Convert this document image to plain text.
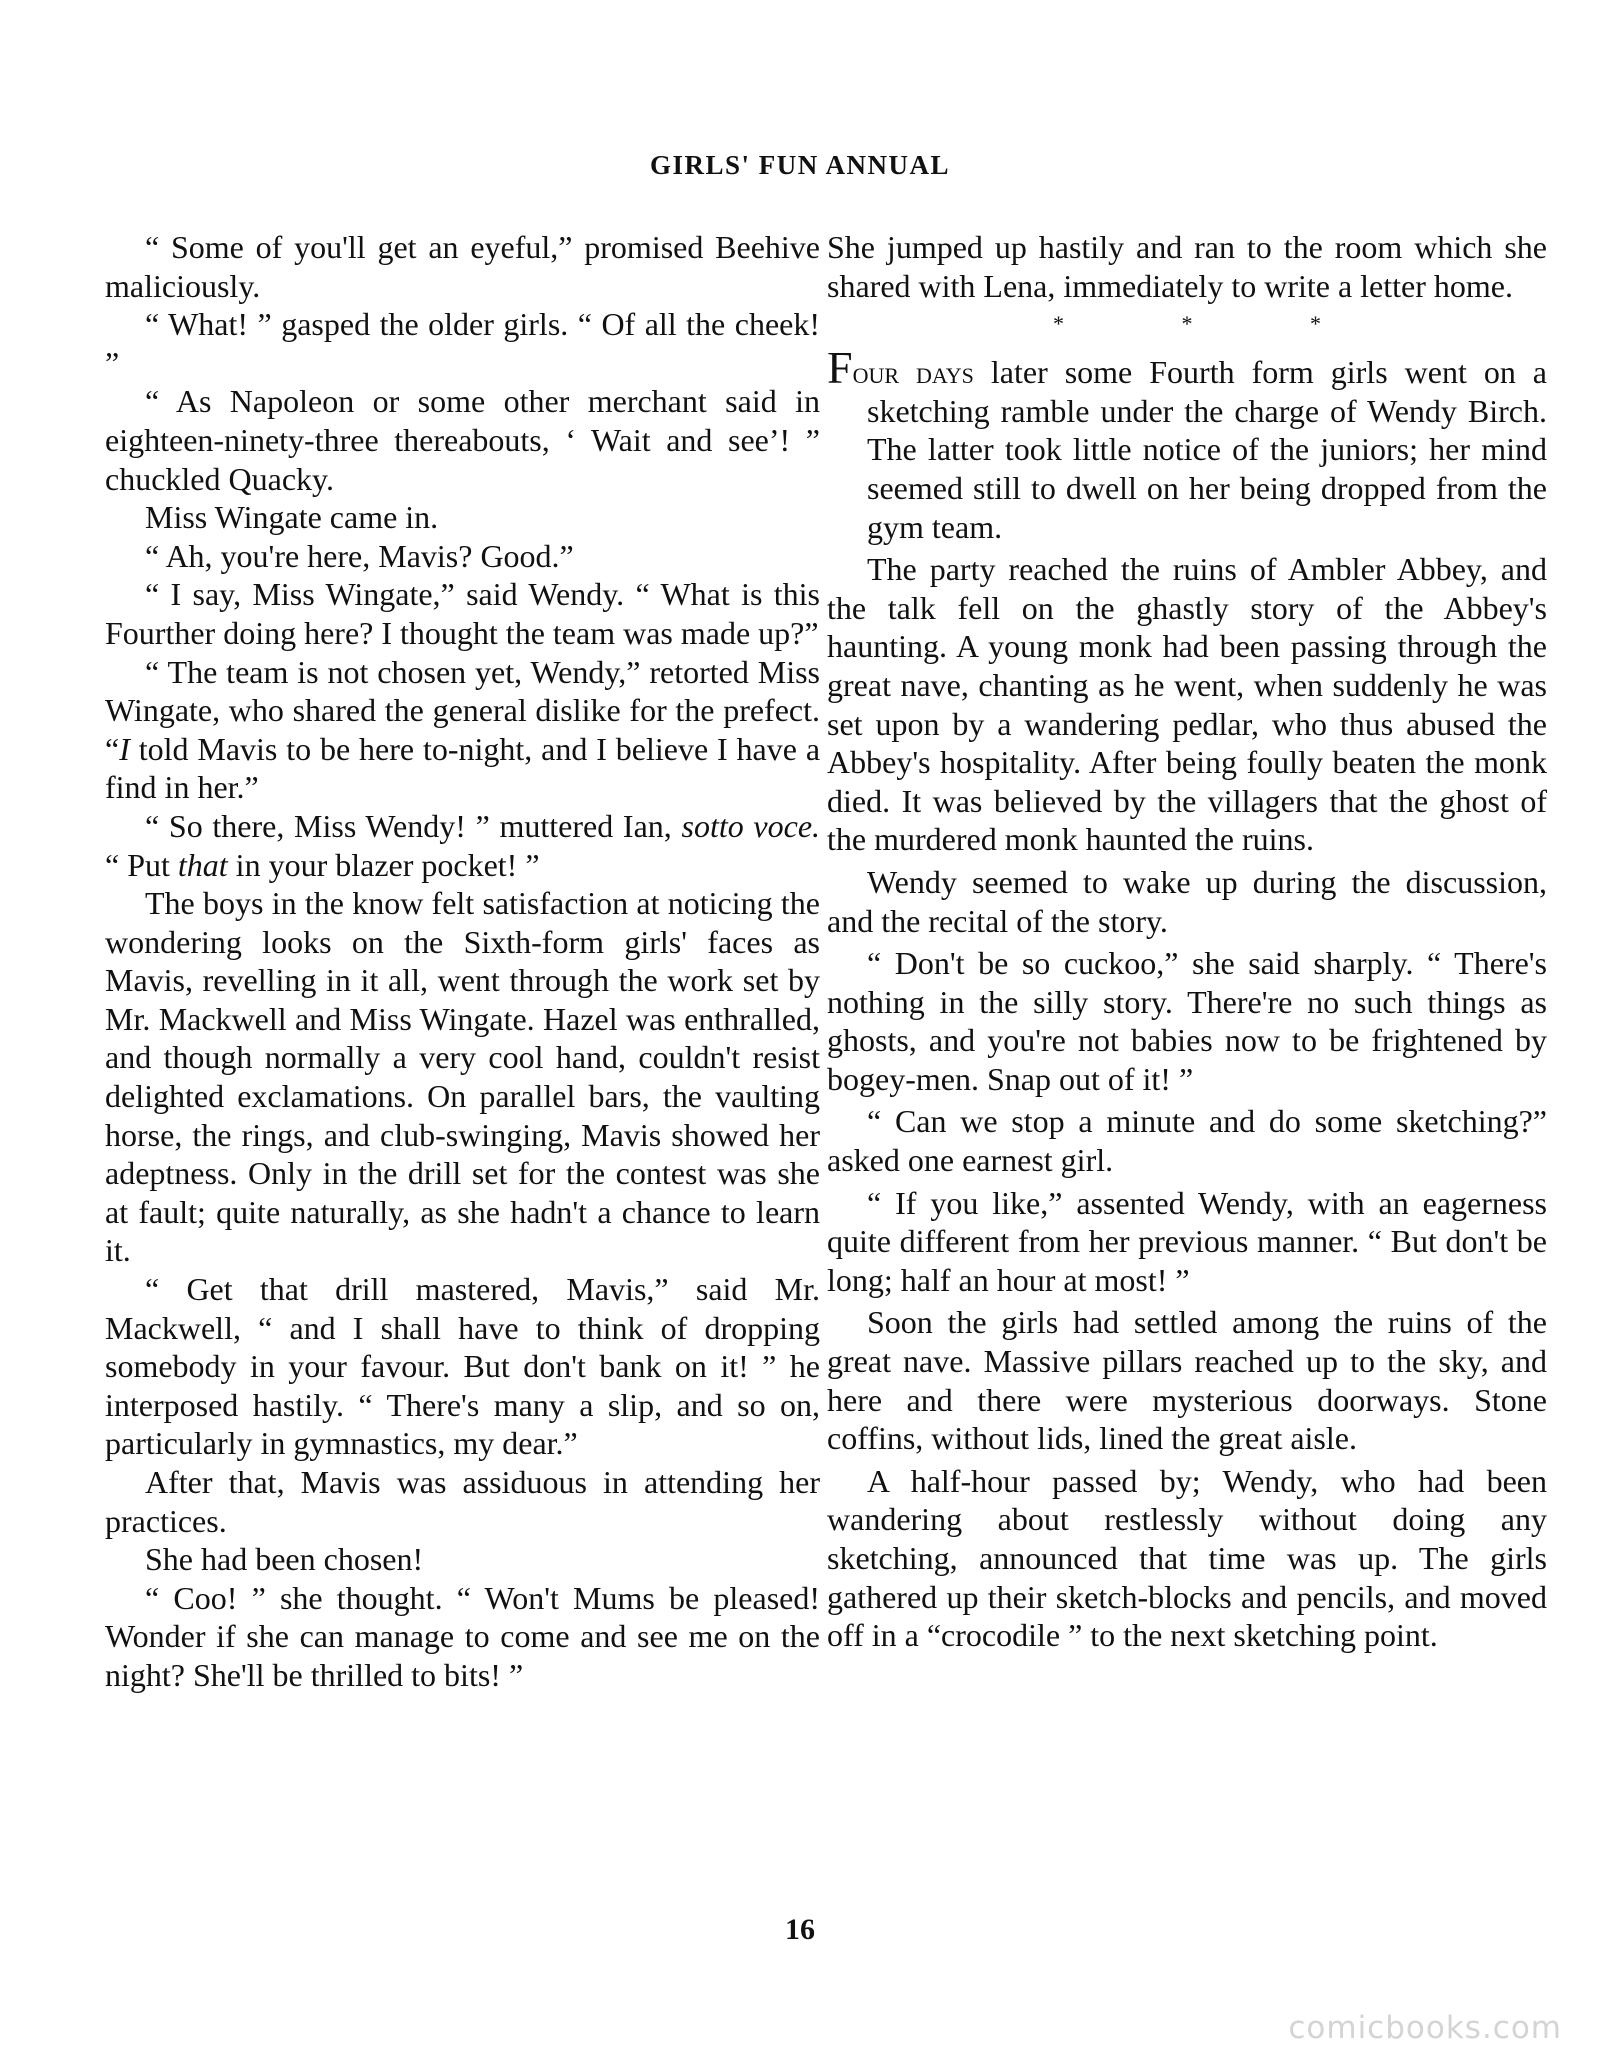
GIRLS' FUN ANNUAL

“ Some of you'll get an eyeful,” promised Beehive maliciously.

“ What! ” gasped the older girls. “ Of all the cheek! ”

“ As Napoleon or some other merchant said in eighteen-ninety-three thereabouts, ‘ Wait and see’! ” chuckled Quacky.

Miss Wingate came in.

“ Ah, you're here, Mavis? Good.”

“ I say, Miss Wingate,” said Wendy. “ What is this Fourther doing here? I thought the team was made up?”

“ The team is not chosen yet, Wendy,” retorted Miss Wingate, who shared the general dislike for the prefect. “I told Mavis to be here to-night, and I believe I have a find in her.”

“ So there, Miss Wendy! ” muttered Ian, sotto voce. “ Put that in your blazer pocket! ”

The boys in the know felt satisfaction at noticing the wondering looks on the Sixth-form girls' faces as Mavis, revelling in it all, went through the work set by Mr. Mackwell and Miss Wingate. Hazel was enthralled, and though normally a very cool hand, couldn't resist delighted exclamations. On parallel bars, the vaulting horse, the rings, and club-swinging, Mavis showed her adeptness. Only in the drill set for the contest was she at fault; quite naturally, as she hadn't a chance to learn it.

“ Get that drill mastered, Mavis,” said Mr. Mackwell, “ and I shall have to think of dropping somebody in your favour. But don't bank on it! ” he interposed hastily. “ There's many a slip, and so on, particularly in gymnastics, my dear.”

After that, Mavis was assiduous in attending her practices.

She had been chosen!

“ Coo! ” she thought. “ Won't Mums be pleased! Wonder if she can manage to come and see me on the night? She'll be thrilled to bits! ”

She jumped up hastily and ran to the room which she shared with Lena, immediately to write a letter home.

* * *

Four days later some Fourth form girls went on a sketching ramble under the charge of Wendy Birch. The latter took little notice of the juniors; her mind seemed still to dwell on her being dropped from the gym team.

The party reached the ruins of Ambler Abbey, and the talk fell on the ghastly story of the Abbey's haunting. A young monk had been passing through the great nave, chanting as he went, when suddenly he was set upon by a wandering pedlar, who thus abused the Abbey's hospitality. After being foully beaten the monk died. It was believed by the villagers that the ghost of the murdered monk haunted the ruins.

Wendy seemed to wake up during the discussion, and the recital of the story.

“ Don't be so cuckoo,” she said sharply. “ There's nothing in the silly story. There're no such things as ghosts, and you're not babies now to be frightened by bogey-men. Snap out of it! ”

“ Can we stop a minute and do some sketching?” asked one earnest girl.

“ If you like,” assented Wendy, with an eagerness quite different from her previous manner. “ But don't be long; half an hour at most! ”

Soon the girls had settled among the ruins of the great nave. Massive pillars reached up to the sky, and here and there were mysterious doorways. Stone coffins, without lids, lined the great aisle.

A half-hour passed by; Wendy, who had been wandering about restlessly without doing any sketching, announced that time was up. The girls gathered up their sketch-blocks and pencils, and moved off in a “crocodile ” to the next sketching point.

16
comicbooks.com
